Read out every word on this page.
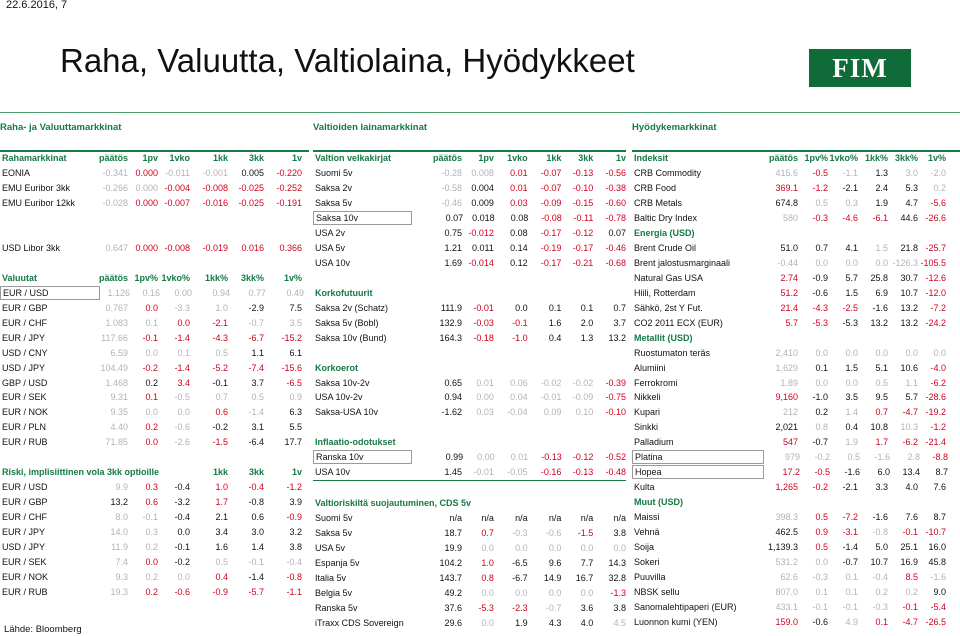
22.6.2016, 7
Raha, Valuutta, Valtiolaina, Hyödykkeet	FIM
Raha- ja Valuuttamarkkinat
Rahamarkkinat	päätös	1pv	1vko	1kk	3kk	1v
EONIA	-0.341 0.000 -0.011	-0.001	0.005	-0.220
EMU Euribor 3kk	-0.266 0.000 -0.004	-0.008	-0.025	-0.252
EMU Euribor 12kk	-0.028 0.000 -0.007	-0.016	-0.025	-0.191
USD Libor 3kk	0.647 0.000 -0.008	-0.019	0.016	0.366
Valuutat	päätös 1pv% 1vko%	1kk%	3kk%	1v%
EUR / USD	1.126	0.16	0.00	0.94	0.77	0.49
EUR / GBP	0.767	0.0	-3.3	1.0	-2.9	7.5
EUR / CHF	1.083	0.1	0.0	-2.1	-0.7	3.5
EUR / JPY	117.66	-0.1	-1.4	-4.3	-6.7	-15.2
USD / CNY	6.59	0.0	0.1	0.5	1.1	6.1
USD / JPY	104.49	-0.2	-1.4	-5.2	-7.4	-15.6
GBP / USD	1.468	0.2	3.4	-0.1	3.7	-6.5
EUR / SEK	9.31	0.1	-0.5	0.7	0.5	0.9
EUR / NOK	9.35	0.0	0.0	0.6	-1.4	6.3
EUR / PLN	4.40	0.2	-0.6	-0.2	3.1	5.5
EUR / RUB	71.85	0.0	-2.6	-1.5	-6.4	17.7
Riski, implisiittinen vola 3kk optioille	1kk	3kk	1v
EUR / USD	9.9	0.3	-0.4	1.0	-0.4	-1.2
EUR / GBP	13.2	0.6	-3.2	1.7	-0.8	3.9
EUR / CHF	8.0	-0.1	-0.4	2.1	0.6	-0.9
EUR / JPY	14.0	0.3	0.0	3.4	3.0	3.2
USD / JPY	11.9	0.2	-0.1	1.6	1.4	3.8
EUR / SEK	7.4	0.0	-0.2	0.5	-0.1	-0.4
EUR / NOK	9.3	0.2	0.0	0.4	-1.4	-0.8
EUR / RUB	19.3	0.2	-0.6	-0.9	-5.7	-1.1
Valtioiden lainamarkkinat
Valtion velkakirjat	päätös	1pv	1vko	1kk	3kk	1v
Suomi 5v	-0.28	0.008	0.01	-0.07	-0.13	-0.56
Saksa 2v	-0.58	0.004	0.01	-0.07	-0.10	-0.38
Saksa 5v	-0.46	0.009	0.03	-0.09	-0.15	-0.60
Saksa 10v	0.07	0.018	0.08	-0.08	-0.11	-0.78
USA 2v	0.75 -0.012	0.08	-0.17	-0.12	0.07
USA 5v	1.21	0.011	0.14	-0.19	-0.17	-0.46
USA 10v	1.69 -0.014	0.12	-0.17	-0.21	-0.68
Korkofutuurit
Saksa 2v (Schatz)	111.9	-0.01	0.0	0.1	0.1	0.7
Saksa 5v (Bobl)	132.9	-0.03	-0.1	1.6	2.0	3.7
Saksa 10v (Bund)	164.3	-0.18	-1.0	0.4	1.3	13.2
Korkoerot
Saksa 10v-2v	0.65	0.01	0.06	-0.02	-0.02	-0.39
USA 10v-2v	0.94	0.00	0.04	-0.01	-0.09	-0.75
Saksa-USA 10v	-1.62	0.03	-0.04	0.09	0.10	-0.10
Inflaatio-odotukset
Ranska 10v	0.99	0.00	0.01	-0.13	-0.12	-0.52
USA 10v	1.45	-0.01	-0.05	-0.16	-0.13	-0.48
Valtioriskiltä suojautuminen, CDS 5v
Suomi 5v	n/a	n/a	n/a	n/a	n/a	n/a
Saksa 5v	18.7	0.7	-0.3	-0.6	-1.5	3.8
USA 5v	19.9	0.0	0.0	0.0	0.0	0.0
Espanja 5v	104.2	1.0	-6.5	9.6	7.7	14.3
Italia 5v	143.7	0.8	-6.7	14.9	16.7	32.8
Belgia 5v	49.2	0.0	0.0	0.0	0.0	-1.3
Ranska 5v	37.6	-5.3	-2.3	-0.7	3.6	3.8
iTraxx CDS Sovereign	29.6	0.0	1.9	4.3	4.0	4.5
Hyödykemarkkinat
Indeksit	päätös 1pv% 1vko% 1kk% 3kk%	1v%
CRB Commodity	415.6	-0.5	-1.1	1.3	3.0	-2.0
CRB Food	369.1	-1.2	-2.1	2.4	5.3	0.2
CRB Metals	674.8	0.5	0.3	1.9	4.7	-5.6
Baltic Dry Index	580	-0.3	-4.6	-6.1	44.6 -26.6
Energia (USD)
Brent Crude Oil	51.0	0.7	4.1	1.5	21.8 -25.7
Brent jalostusmarginaali	-0.44	0.0	0.0	0.0 -126.3 -105.5
Natural Gas USA	2.74	-0.9	5.7	25.8	30.7 -12.6
Hiili, Rotterdam	51.2	-0.6	1.5	6.9	10.7 -12.0
Sähkö, 2st Y Fut.	21.4	-4.3	-2.5	-1.6	13.2	-7.2
CO2 2011 ECX (EUR)	5.7	-5.3	-5.3	13.2	13.2 -24.2
Metallit (USD)
Ruostumaton teräs	2,410	0.0	0.0	0.0	0.0	0.0
Alumiini	1,629	0.1	1.5	5.1	10.6	-4.0
Ferrokromi	1.89	0.0	0.0	0.5	1.1	-6.2
Nikkeli	9,160	-1.0	3.5	9.5	5.7 -28.6
Kupari	212	0.2	1.4	0.7	-4.7 -19.2
Sinkki	2,021	0.8	0.4	10.8	10.3	-1.2
Palladium	547	-0.7	1.9	1.7	-6.2 -21.4
Platina	979	-0.2	0.5	-1.6	2.8	-8.8
Hopea	17.2	-0.5	-1.6	6.0	13.4	8.7
Kulta	1,265	-0.2	-2.1	3.3	4.0	7.6
Muut (USD)
Maissi	398.3	0.5	-7.2	-1.6	7.6	8.7
Vehnä	462.5	0.9	-3.1	-0.8	-0.1 -10.7
Soija	1,139.3	0.5	-1.4	5.0	25.1	16.0
Sokeri	531.2	0.0	-0.7	10.7	16.9	45.8
Puuvilla	62.6	-0.3	0.1	-0.4	8.5	-1.6
NBSK sellu	807.0	0.1	0.1	0.2	0.2	9.0
Sanomalehtipaperi (EUR)	433.1	-0.1	-0.1	-0.3	-0.1	-5.4
Luonnon kumi (YEN)	159.0	-0.6	4.9	0.1	-4.7 -26.5
Lähde: Bloomberg
